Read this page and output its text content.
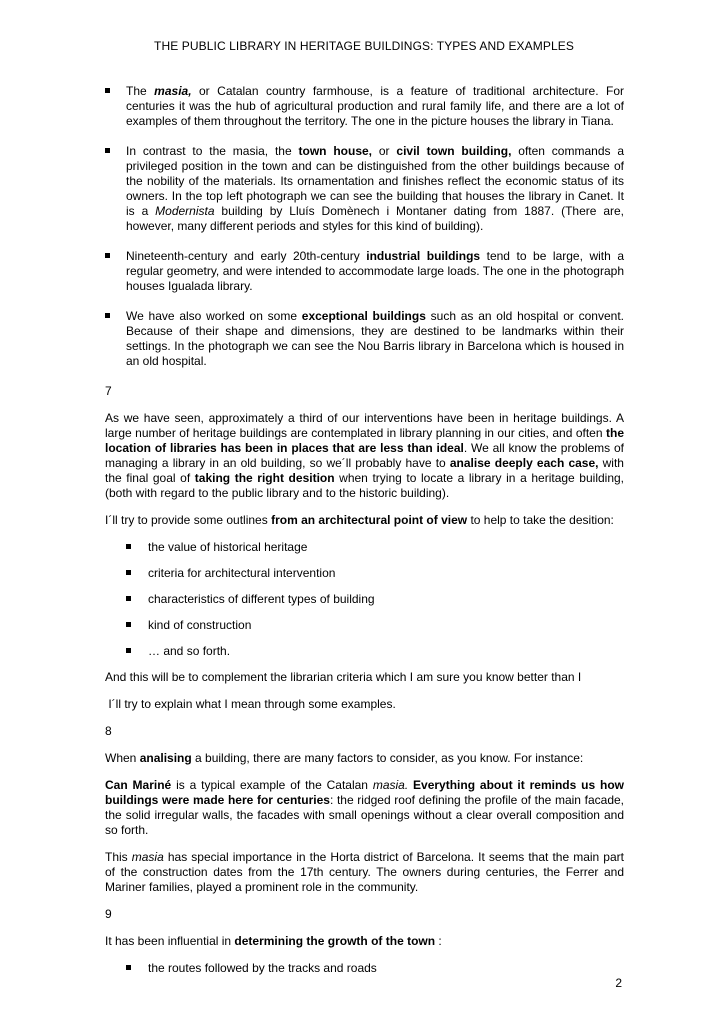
THE PUBLIC LIBRARY IN HERITAGE BUILDINGS: TYPES AND EXAMPLES
The masia, or Catalan country farmhouse, is a feature of traditional architecture. For centuries it was the hub of agricultural production and rural family life, and there are a lot of examples of them throughout the territory. The one in the picture houses the library in Tiana.
In contrast to the masia, the town house, or civil town building, often commands a privileged position in the town and can be distinguished from the other buildings because of the nobility of the materials. Its ornamentation and finishes reflect the economic status of its owners. In the top left photograph we can see the building that houses the library in Canet. It is a Modernista building by Lluís Domènech i Montaner dating from 1887. (There are, however, many different periods and styles for this kind of building).
Nineteenth-century and early 20th-century industrial buildings tend to be large, with a regular geometry, and were intended to accommodate large loads. The one in the photograph houses Igualada library.
We have also worked on some exceptional buildings such as an old hospital or convent. Because of their shape and dimensions, they are destined to be landmarks within their settings. In the photograph we can see the Nou Barris library in Barcelona which is housed in an old hospital.
7
As we have seen, approximately a third of our interventions have been in heritage buildings. A large number of heritage buildings are contemplated in library planning in our cities, and often the location of libraries has been in places that are less than ideal. We all know the problems of managing a library in an old building, so we´ll probably have to analise deeply each case, with the final goal of taking the right desition when trying to locate a library in a heritage building, (both with regard to the public library and to the historic building).
I´ll try to provide some outlines from an architectural point of view to help to take the desition:
the value of historical heritage
criteria for architectural intervention
characteristics of different types of building
kind of construction
… and so forth.
And this will be to complement the librarian criteria which I am sure you know better than I
I´ll try to explain what I mean through some examples.
8
When analising a building, there are many factors to consider, as you know. For instance:
Can Mariné is a typical example of the Catalan masia. Everything about it reminds us how buildings were made here for centuries: the ridged roof defining the profile of the main facade, the solid irregular walls, the facades with small openings without a clear overall composition and so forth.
This masia has special importance in the Horta district of Barcelona. It seems that the main part of the construction dates from the 17th century. The owners during centuries, the Ferrer and Mariner families, played a prominent role in the community.
9
It has been influential in determining the growth of the town :
the routes followed by the tracks and roads
2
